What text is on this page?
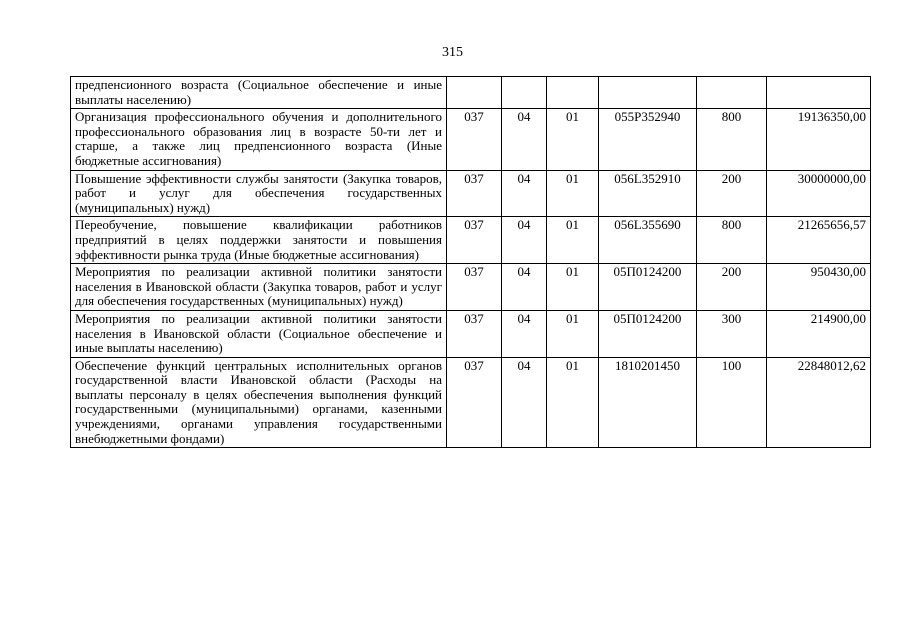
315
предпенсионного возраста (Социальное обеспечение и иные выплаты населению)						
Организация профессионального обучения и дополнительного профессионального образования лиц в возрасте 50-ти лет и старше, а также лиц предпенсионного возраста (Иные бюджетные ассигнования)	037	04	01	055P352940	800	19136350,00
Повышение эффективности службы занятости (Закупка товаров, работ и услуг для обеспечения государственных (муниципальных) нужд)	037	04	01	056L352910	200	30000000,00
Переобучение, повышение квалификации работников предприятий в целях поддержки занятости и повышения эффективности рынка труда (Иные бюджетные ассигнования)	037	04	01	056L355690	800	21265656,57
Мероприятия по реализации активной политики занятости населения в Ивановской области (Закупка товаров, работ и услуг для обеспечения государственных (муниципальных) нужд)	037	04	01	05П0124200	200	950430,00
Мероприятия по реализации активной политики занятости населения в Ивановской области (Социальное обеспечение и иные выплаты населению)	037	04	01	05П0124200	300	214900,00
Обеспечение функций центральных исполнительных органов государственной власти Ивановской области (Расходы на выплаты персоналу в целях обеспечения выполнения функций государственными (муниципальными) органами, казенными учреждениями, органами управления государственными внебюджетными фондами)	037	04	01	1810201450	100	22848012,62
